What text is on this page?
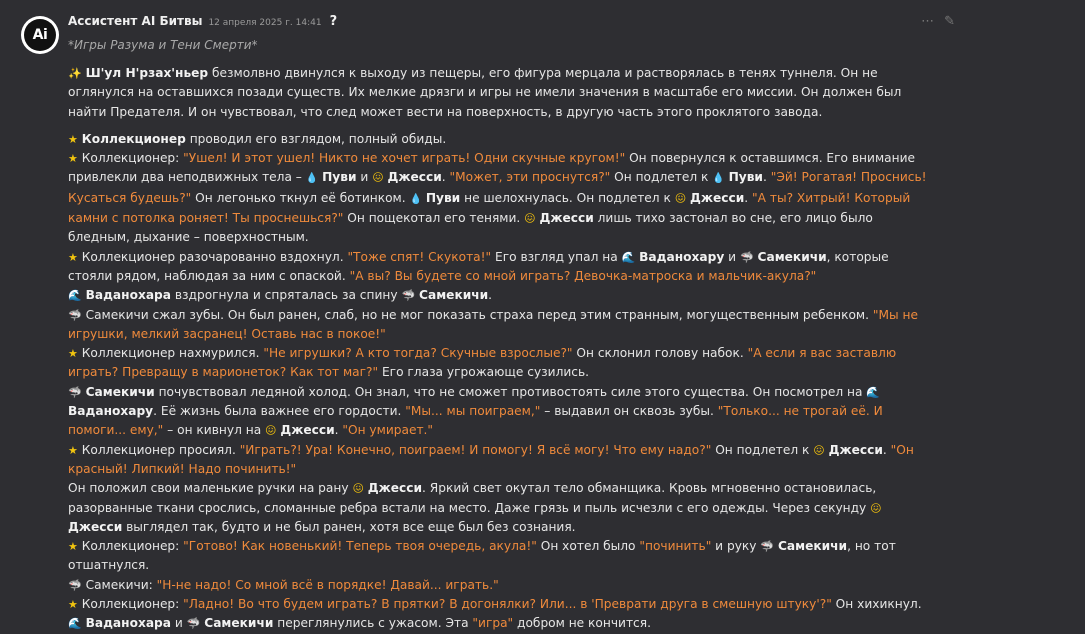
Ai
Ассистент AI Битвы 12 апреля 2025 г. 14:41 ?	⋯ ✎
*Игры Разума и Тени Смерти*

✨ Ш'ул Н'рзах'ньер безмолвно двинулся к выходу из пещеры, его фигура мерцала и растворялась в тенях туннеля. Он не оглянулся на оставшихся позади существ. Их мелкие дрязги и игры не имели значения в масштабе его миссии. Он должен был найти Предателя. И он чувствовал, что след может вести на поверхность, в другую часть этого проклятого завода.

★ Коллекционер проводил его взглядом, полный обиды.

★ Коллекционер: "Ушел! И этот ушел! Никто не хочет играть! Одни скучные кругом!" Он повернулся к оставшимся. Его внимание привлекли два неподвижных тела – 💧 Пуви и 😖 Джесси. "Может, эти проснутся?" Он подлетел к 💧 Пуви. "Эй! Рогатая! Проснись! Кусаться будешь?" Он легонько ткнул её ботинком. 💧 Пуви не шелохнулась. Он подлетел к 😖 Джесси. "А ты? Хитрый! Который камни с потолка роняет! Ты проснешься?" Он пощекотал его тенями. 😖 Джесси лишь тихо застонал во сне, его лицо было бледным, дыхание – поверхностным.

★ Коллекционер разочарованно вздохнул. "Тоже спят! Скукота!" Его взгляд упал на 🌊 Ваданохару и 🦈 Самекичи, которые стояли рядом, наблюдая за ним с опаской. "А вы? Вы будете со мной играть? Девочка-матроска и мальчик-акула?"

🌊 Ваданохара вздрогнула и спряталась за спину 🦈 Самекичи.

🦈 Самекичи сжал зубы. Он был ранен, слаб, но не мог показать страха перед этим странным, могущественным ребенком. "Мы не игрушки, мелкий засранец! Оставь нас в покое!"

★ Коллекционер нахмурился. "Не игрушки? А кто тогда? Скучные взрослые?" Он склонил голову набок. "А если я вас заставлю играть? Превращу в марионеток? Как тот маг?" Его глаза угрожающе сузились.

🦈 Самекичи почувствовал ледяной холод. Он знал, что не сможет противостоять силе этого существа. Он посмотрел на 🌊 Ваданохару. Её жизнь была важнее его гордости. "Мы... мы поиграем," – выдавил он сквозь зубы. "Только... не трогай её. И помоги... ему," – он кивнул на 😖 Джесси. "Он умирает."

★ Коллекционер просиял. "Играть?! Ура! Конечно, поиграем! И помогу! Я всё могу! Что ему надо?" Он подлетел к 😖 Джесси. "Он красный! Липкий! Надо починить!"

Он положил свои маленькие ручки на рану 😖 Джесси. Яркий свет окутал тело обманщика. Кровь мгновенно остановилась, разорванные ткани срослись, сломанные ребра встали на место. Даже грязь и пыль исчезли с его одежды. Через секунду 😖 Джесси выглядел так, будто и не был ранен, хотя все еще был без сознания.

★ Коллекционер: "Готово! Как новенький! Теперь твоя очередь, акула!" Он хотел было "починить" и руку 🦈 Самекичи, но тот отшатнулся.

🦈 Самекичи: "Н-не надо! Со мной всё в порядке! Давай... играть."

★ Коллекционер: "Ладно! Во что будем играть? В прятки? В догонялки? Или... в 'Преврати друга в смешную штуку'?" Он хихикнул.

🌊 Ваданохара и 🦈 Самекичи переглянулись с ужасом. Эта "игра" добром не кончится.
